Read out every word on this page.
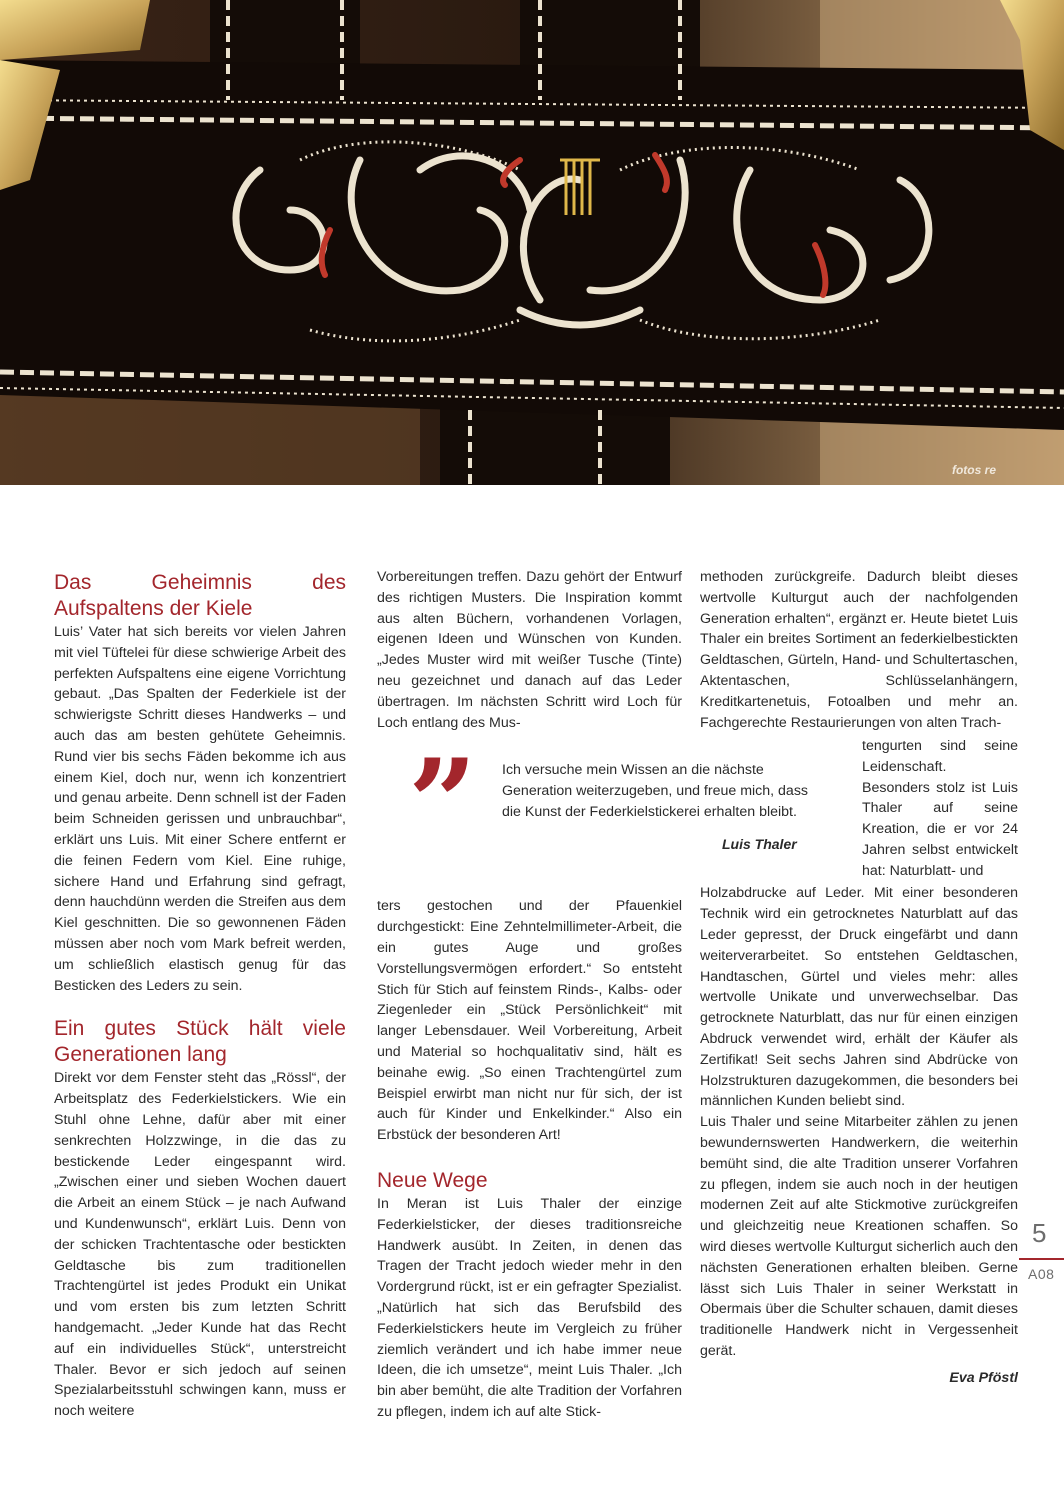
fotos re
Das Geheimnis des Aufspaltens der Kiele

Luis’ Vater hat sich bereits vor vielen Jahren mit viel Tüftelei für diese schwierige Arbeit des perfekten Aufspaltens eine eigene Vorrichtung gebaut. „Das Spalten der Federkiele ist der schwierigste Schritt dieses Handwerks – und auch das am besten gehütete Geheimnis. Rund vier bis sechs Fäden bekomme ich aus einem Kiel, doch nur, wenn ich konzentriert und genau arbeite. Denn schnell ist der Faden beim Schneiden gerissen und unbrauchbar“, erklärt uns Luis. Mit einer Schere entfernt er die feinen Federn vom Kiel. Eine ruhige, sichere Hand und Erfahrung sind gefragt, denn hauchdünn werden die Streifen aus dem Kiel geschnitten. Die so gewonnenen Fäden müssen aber noch vom Mark befreit werden, um schließlich elastisch genug für das Besticken des Leders zu sein.

Ein gutes Stück hält viele Generationen lang

Direkt vor dem Fenster steht das „Rössl“, der Arbeitsplatz des Federkielstickers. Wie ein Stuhl ohne Lehne, dafür aber mit einer senkrechten Holzzwinge, in die das zu bestickende Leder eingespannt wird. „Zwischen einer und sieben Wochen dauert die Arbeit an einem Stück – je nach Aufwand und Kundenwunsch“, erklärt Luis. Denn von der schicken Trachtentasche oder bestickten Geldtasche bis zum traditionellen Trachtengürtel ist jedes Produkt ein Unikat und vom ersten bis zum letzten Schritt handgemacht. „Jeder Kunde hat das Recht auf ein individuelles Stück“, unterstreicht Thaler. Bevor er sich jedoch auf seinen Spezialarbeitsstuhl schwingen kann, muss er noch weitere

Vorbereitungen treffen. Dazu gehört der Entwurf des richtigen Musters. Die Inspiration kommt aus alten Büchern, vorhandenen Vorlagen, eigenen Ideen und Wünschen von Kunden. „Jedes Muster wird mit weißer Tusche (Tinte) neu gezeichnet und danach auf das Leder übertragen. Im nächsten Schritt wird Loch für Loch entlang des Mus-

ters gestochen und der Pfauenkiel durchgestickt: Eine Zehntelmillimeter-Arbeit, die ein gutes Auge und großes Vorstellungsvermögen erfordert.“ So entsteht Stich für Stich auf feinstem Rinds-, Kalbs- oder Ziegenleder ein „Stück Persönlichkeit“ mit langer Lebensdauer. Weil Vorbereitung, Arbeit und Material so hochqualitativ sind, hält es beinahe ewig. „So einen Trachtengürtel zum Beispiel erwirbt man nicht nur für sich, der ist auch für Kinder und Enkelkinder.“ Also ein Erbstück der besonderen Art!

Neue Wege

In Meran ist Luis Thaler der einzige Federkielsticker, der dieses traditionsreiche Handwerk ausübt. In Zeiten, in denen das Tragen der Tracht jedoch wieder mehr in den Vordergrund rückt, ist er ein gefragter Spezialist. „Natürlich hat sich das Berufsbild des Federkielstickers heute im Vergleich zu früher ziemlich verändert und ich habe immer neue Ideen, die ich umsetze“, meint Luis Thaler. „Ich bin aber bemüht, die alte Tradition der Vorfahren zu pflegen, indem ich auf alte Stick-

” Ich versuche mein Wissen an die nächste Generation weiterzugeben, und freue mich, dass die Kunst der Federkielstickerei erhalten bleibt.
Luis Thaler

methoden zurückgreife. Dadurch bleibt dieses wertvolle Kulturgut auch der nachfolgenden Generation erhalten“, ergänzt er. Heute bietet Luis Thaler ein breites Sortiment an federkielbestickten Geldtaschen, Gürteln, Hand- und Schultertaschen, Aktentaschen, Schlüsselanhängern, Kreditkartenetuis, Fotoalben und mehr an. Fachgerechte Restaurierungen von alten Trach-

Holzabdrucke auf Leder. Mit einer besonderen Technik wird ein getrocknetes Naturblatt auf das Leder gepresst, der Druck eingefärbt und dann weiterverarbeitet. So entstehen Geldtaschen, Handtaschen, Gürtel und vieles mehr: alles wertvolle Unikate und unverwechselbar. Das getrocknete Naturblatt, das nur für einen einzigen Abdruck verwendet wird, erhält der Käufer als Zertifikat! Seit sechs Jahren sind Abdrücke von Holzstrukturen dazugekommen, die besonders bei männlichen Kunden beliebt sind.

Luis Thaler und seine Mitarbeiter zählen zu jenen bewundernswerten Handwerkern, die weiterhin bemüht sind, die alte Tradition unserer Vorfahren zu pflegen, indem sie auch noch in der heutigen modernen Zeit auf alte Stickmotive zurückgreifen und gleichzeitig neue Kreationen schaffen. So wird dieses wertvolle Kulturgut sicherlich auch den nächsten Generationen erhalten bleiben. Gerne lässt sich Luis Thaler in seiner Werkstatt in Obermais über die Schulter schauen, damit dieses traditionelle Handwerk nicht in Vergessenheit gerät.

Eva Pföstl

tengurten sind seine Leidenschaft. Besonders stolz ist Luis Thaler auf seine Kreation, die er vor 24 Jahren selbst entwickelt hat: Naturblatt- und
5
A08
